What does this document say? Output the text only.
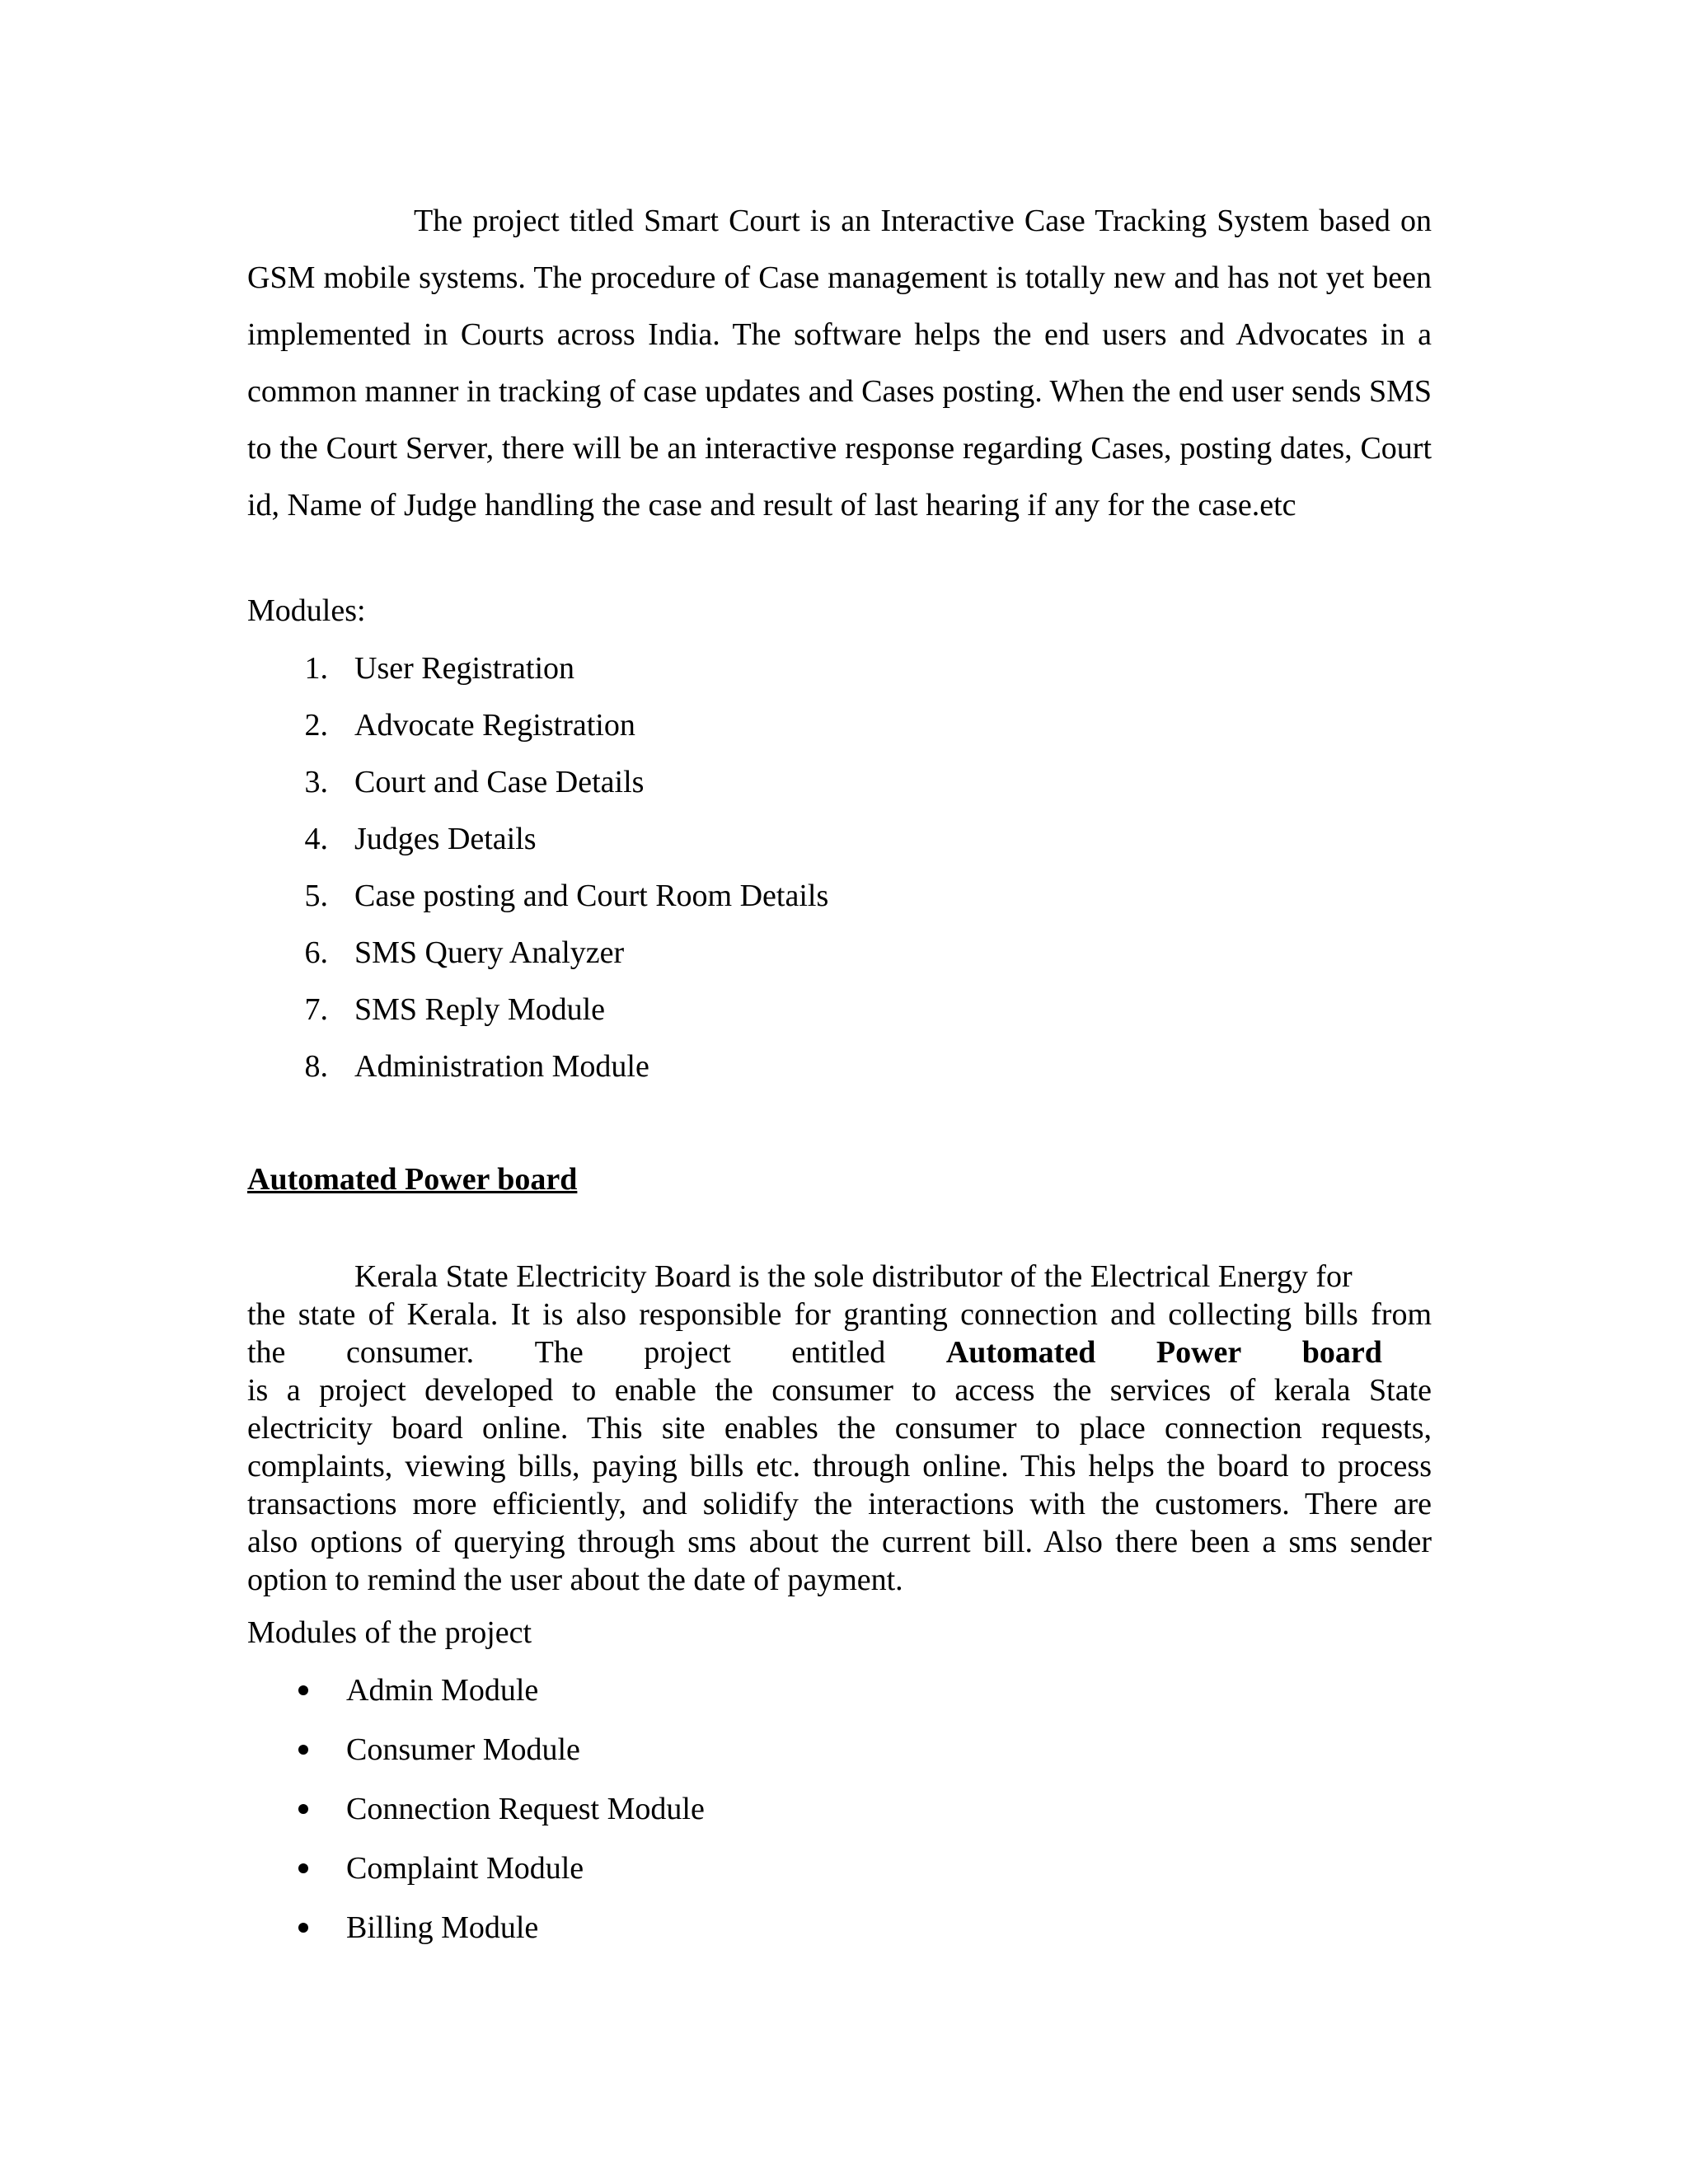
The project titled Smart Court is an Interactive Case Tracking System based on GSM mobile systems. The procedure of Case management is totally new and has not yet been implemented in Courts across India. The software helps the end users and Advocates in a common manner in tracking of case updates and Cases posting. When the end user sends SMS to the Court Server, there will be an interactive response regarding Cases, posting dates, Court id, Name of Judge handling the case and result of last hearing if any for the case.etc

Modules:

1. User Registration
2. Advocate Registration
3. Court and Case Details
4. Judges Details
5. Case posting and Court Room Details
6. SMS Query Analyzer
7. SMS Reply Module
8. Administration Module
Automated Power board
Kerala State Electricity Board is the sole distributor of the Electrical Energy for
the state of Kerala. It is also responsible for granting connection and collecting bills from
the consumer. The project entitled Automated Power board
is a project developed to enable the consumer to access the services of kerala State
electricity board online. This site enables the consumer to place connection requests,
complaints, viewing bills, paying bills etc. through online. This helps the board to process
transactions more efficiently, and solidify the interactions with the customers. There are
also options of querying through sms about the current bill. Also there been a sms sender
option to remind the user about the date of payment.

Modules of the project

Admin Module
Consumer Module
Connection Request Module
Complaint Module
Billing Module
